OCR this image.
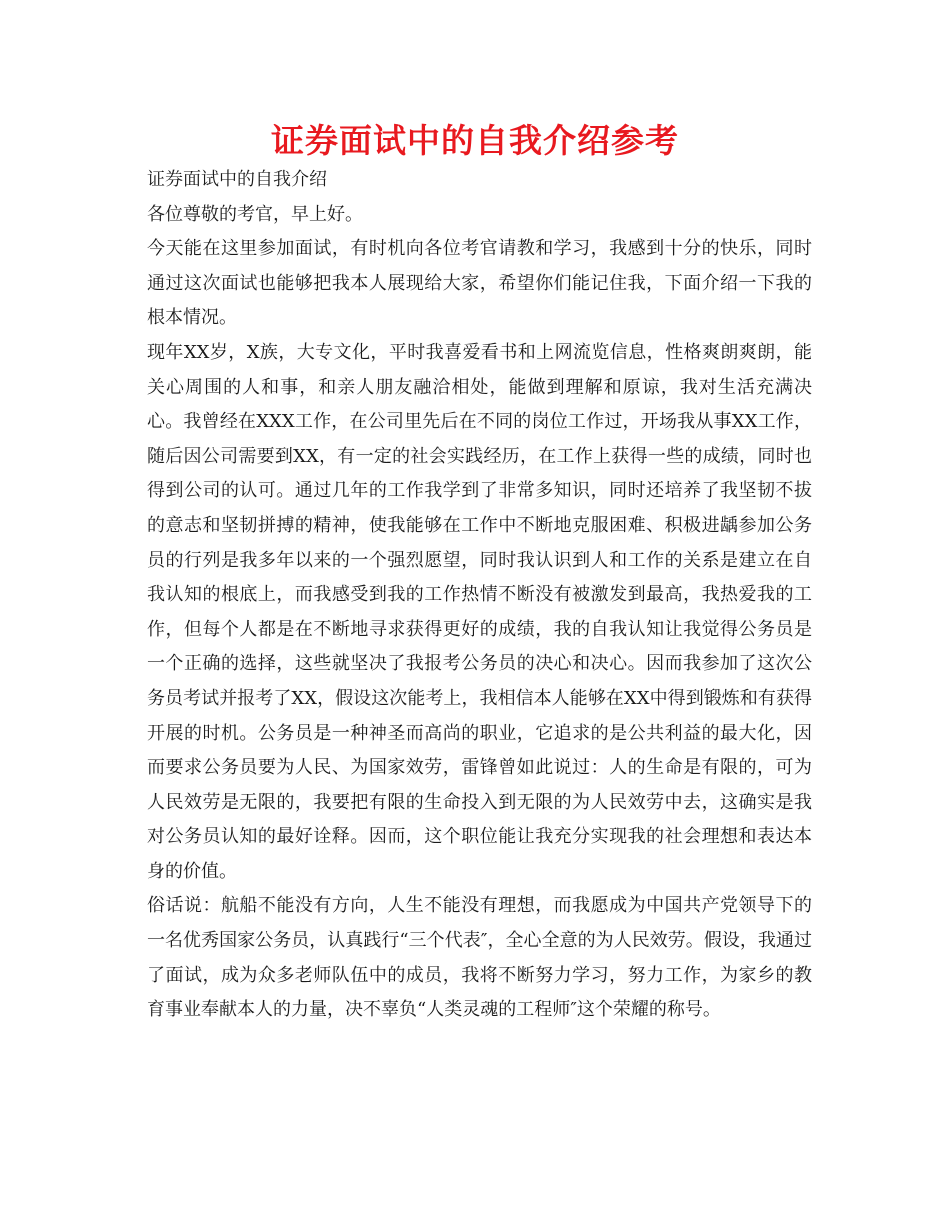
证券面试中的自我介绍参考

证券面试中的自我介绍

各位尊敬的考官，早上好。

今天能在这里参加面试，有时机向各位考官请教和学习，我感到十分的快乐，同时通过这次面试也能够把我本人展现给大家，希望你们能记住我，下面介绍一下我的根本情况。

现年XX岁，X族，大专文化，平时我喜爱看书和上网流览信息，性格爽朗爽朗，能关心周围的人和事，和亲人朋友融洽相处，能做到理解和原谅，我对生活充满决心。我曾经在XXX工作，在公司里先后在不同的岗位工作过，开场我从事XX工作，随后因公司需要到XX，有一定的社会实践经历，在工作上获得一些的成绩，同时也得到公司的认可。通过几年的工作我学到了非常多知识，同时还培养了我坚韧不拔的意志和坚韧拼搏的精神，使我能够在工作中不断地克服困难、积极进龋参加公务员的行列是我多年以来的一个强烈愿望，同时我认识到人和工作的关系是建立在自我认知的根底上，而我感受到我的工作热情不断没有被激发到最高，我热爱我的工作，但每个人都是在不断地寻求获得更好的成绩，我的自我认知让我觉得公务员是一个正确的选择，这些就坚决了我报考公务员的决心和决心。因而我参加了这次公务员考试并报考了XX，假设这次能考上，我相信本人能够在XX中得到锻炼和有获得开展的时机。公务员是一种神圣而高尚的职业，它追求的是公共利益的最大化，因而要求公务员要为人民、为国家效劳，雷锋曾如此说过：人的生命是有限的，可为人民效劳是无限的，我要把有限的生命投入到无限的为人民效劳中去，这确实是我对公务员认知的最好诠释。因而，这个职位能让我充分实现我的社会理想和表达本身的价值。

俗话说：航船不能没有方向，人生不能没有理想，而我愿成为中国共产党领导下的一名优秀国家公务员，认真践行“三个代表″，全心全意的为人民效劳。假设，我通过了面试，成为众多老师队伍中的成员，我将不断努力学习，努力工作，为家乡的教育事业奉献本人的力量，决不辜负“人类灵魂的工程师″这个荣耀的称号。
